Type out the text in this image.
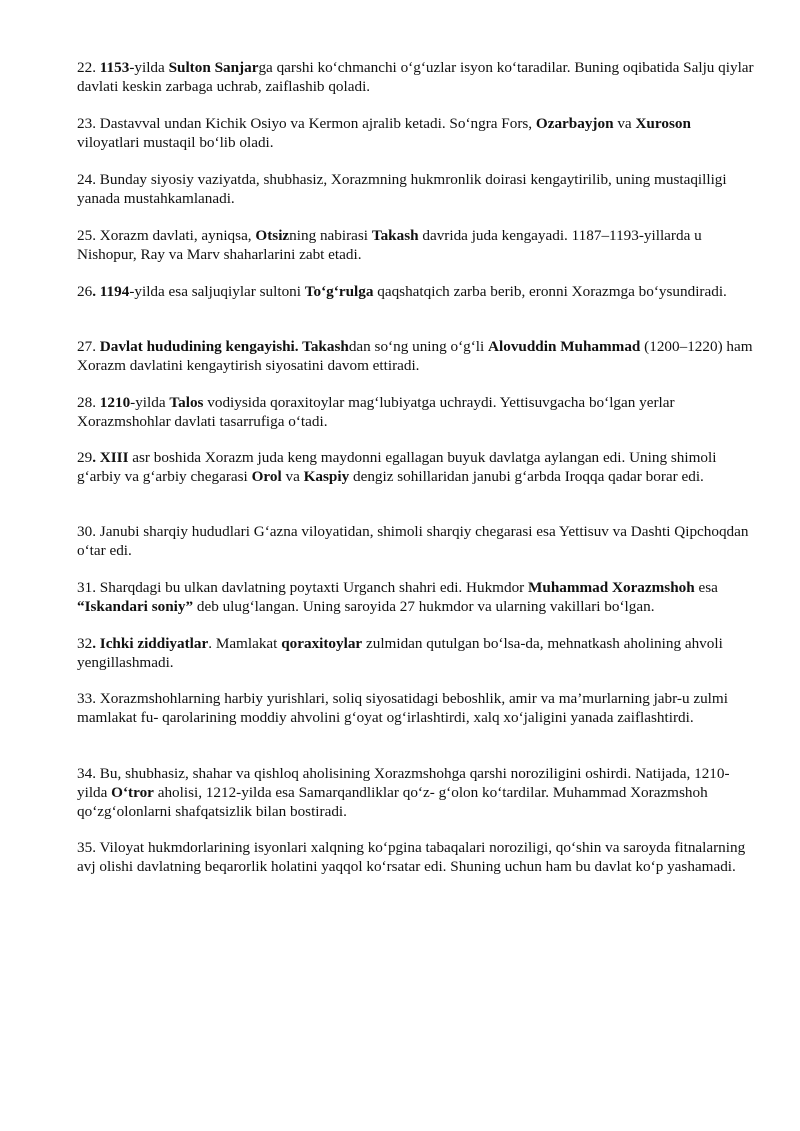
22. 1153-yilda Sulton Sanjarga qarshi ko‘chmanchi o‘g‘uzlar isyon ko‘taradilar. Buning oqibatida Salju qiylar davlati keskin zarbaga uchrab, zaiflashib qoladi.

23. Dastavval undan Kichik Osiyo va Kermon ajralib ketadi. So‘ngra Fors, Ozarbayjon va Xuroson viloyatlari mustaqil bo‘lib oladi.

24. Bunday siyosiy vaziyatda, shubhasiz, Xorazmning hukmronlik doirasi kengaytirilib, uning mustaqilligi yanada mustahkamlanadi.

25. Xorazm davlati, ayniqsa, Otsizning nabirasi Takash davrida juda kengayadi. 1187–1193-yillarda u Nishopur, Ray va Marv shaharlarini zabt etadi.

26. 1194-yilda esa saljuqiylar sultoni To‘g‘rulga qaqshatqich zarba berib, eronni Xorazmga bo‘ysundiradi.

27. Davlat hududining kengayishi. Takashdan so‘ng uning o‘g‘li Alovuddin Muhammad (1200–1220) ham Xorazm davlatini kengaytirish siyosatini davom ettiradi.

28. 1210-yilda Talos vodiysida qoraxitoylar mag‘lubiyatga uchraydi. Yettisuvgacha bo‘lgan yerlar Xorazmshohlar davlati tasarrufiga o‘tadi.

29. XIII asr boshida Xorazm juda keng maydonni egallagan buyuk davlatga aylangan edi. Uning shimoli g‘arbiy va g‘arbiy chegarasi Orol va Kaspiy dengiz sohillaridan janubi g‘arbda Iroqqa qadar borar edi.

30. Janubi sharqiy hududlari G‘azna viloyatidan, shimoli sharqiy chegarasi esa Yettisuv va Dashti Qipchoqdan o‘tar edi.

31. Sharqdagi bu ulkan davlatning poytaxti Urganch shahri edi. Hukmdor Muhammad Xorazmshoh esa “Iskandari soniy” deb ulug‘langan. Uning saroyida 27 hukmdor va ularning vakillari bo‘lgan.

32. Ichki ziddiyatlar. Mamlakat qoraxitoylar zulmidan qutulgan bo‘lsa-da, mehnatkash aholining ahvoli yengillashmadi.

33. Xorazmshohlarning harbiy yurishlari, soliq siyosatidagi beboshlik, amir va ma’murlarning jabr-u zulmi mamlakat fu- qarolarining moddiy ahvolini g‘oyat og‘irlashtirdi, xalq xo‘jaligini yanada zaiflashtirdi.

34. Bu, shubhasiz, shahar va qishloq aholisining Xorazmshohga qarshi noroziligini oshirdi. Natijada, 1210-yilda O‘tror aholisi, 1212-yilda esa Samarqandliklar qo‘z- g‘olon ko‘tardilar. Muhammad Xorazmshoh qo‘zg‘olonlarni shafqatsizlik bilan bostiradi.

35. Viloyat hukmdorlarining isyonlari xalqning ko‘pgina tabaqalari noroziligi, qo‘shin va saroyda fitnalarning avj olishi davlatning beqarorlik holatini yaqqol ko‘rsatar edi. Shuning uchun ham bu davlat ko‘p yashamadi.
